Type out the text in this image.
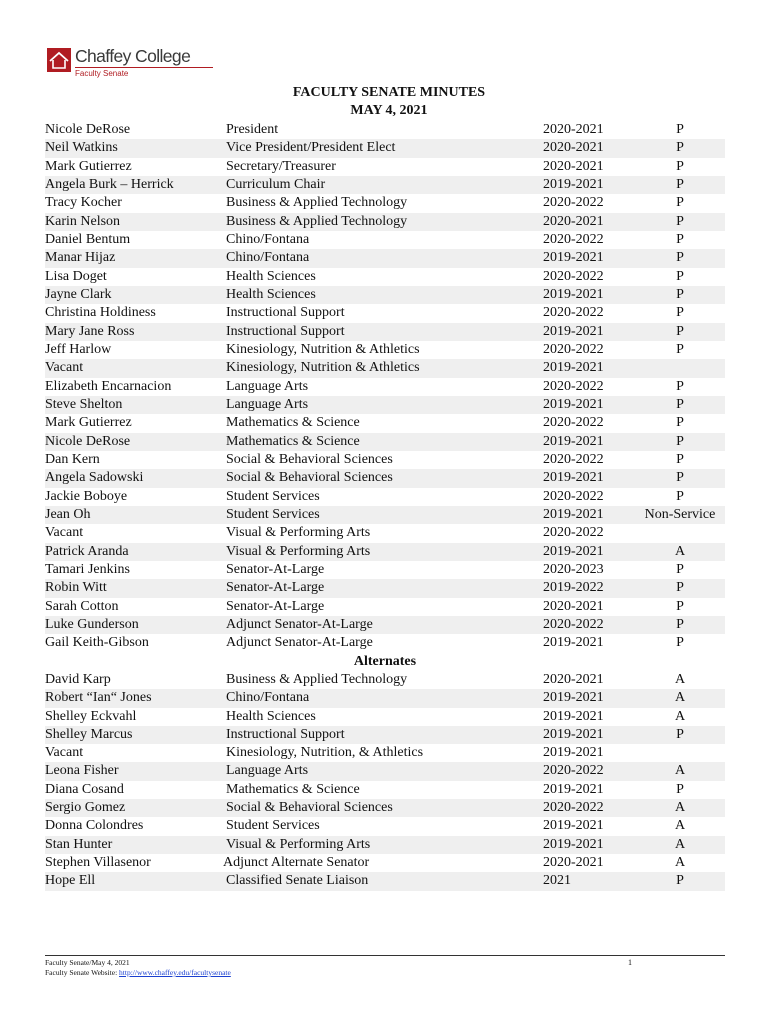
Chaffey College
Faculty Senate
FACULTY SENATE MINUTES
MAY 4, 2021
Nicole DeRose	President	2020-2021	P
Neil Watkins	Vice President/President Elect	2020-2021	P
Mark Gutierrez	Secretary/Treasurer	2020-2021	P
Angela Burk – Herrick	Curriculum Chair	2019-2021	P
Tracy Kocher	Business & Applied Technology	2020-2022	P
Karin Nelson	Business & Applied Technology	2020-2021	P
Daniel Bentum	Chino/Fontana	2020-2022	P
Manar Hijaz	Chino/Fontana	2019-2021	P
Lisa Doget	Health Sciences	2020-2022	P
Jayne Clark	Health Sciences	2019-2021	P
Christina Holdiness	Instructional Support	2020-2022	P
Mary Jane Ross	Instructional Support	2019-2021	P
Jeff Harlow	Kinesiology, Nutrition & Athletics	2020-2022	P
Vacant	Kinesiology, Nutrition & Athletics	2019-2021
Elizabeth Encarnacion	Language Arts	2020-2022	P
Steve Shelton	Language Arts	2019-2021	P
Mark Gutierrez	Mathematics & Science	2020-2022	P
Nicole DeRose	Mathematics & Science	2019-2021	P
Dan Kern	Social & Behavioral Sciences	2020-2022	P
Angela Sadowski	Social & Behavioral Sciences	2019-2021	P
Jackie Boboye	Student Services	2020-2022	P
Jean Oh	Student Services	2019-2021	Non-Service
Vacant	Visual & Performing Arts	2020-2022
Patrick Aranda	Visual & Performing Arts	2019-2021	A
Tamari Jenkins	Senator-At-Large	2020-2023	P
Robin Witt	Senator-At-Large	2019-2022	P
Sarah Cotton	Senator-At-Large	2020-2021	P
Luke Gunderson	Adjunct Senator-At-Large	2020-2022	P
Gail Keith-Gibson	Adjunct Senator-At-Large	2019-2021	P
Alternates
David Karp	Business & Applied Technology	2020-2021	A
Robert “Ian“ Jones	Chino/Fontana	2019-2021	A
Shelley Eckvahl	Health Sciences	2019-2021	A
Shelley Marcus	Instructional Support	2019-2021	P
Vacant	Kinesiology, Nutrition, & Athletics	2019-2021
Leona Fisher	Language Arts	2020-2022	A
Diana Cosand	Mathematics & Science	2019-2021	P
Sergio Gomez	Social & Behavioral Sciences	2020-2022	A
Donna Colondres	Student Services	2019-2021	A
Stan Hunter	Visual & Performing Arts	2019-2021	A
Stephen Villasenor	Adjunct Alternate Senator	2020-2021	A
Hope Ell	Classified Senate Liaison	2021	P
Faculty Senate/May 4, 2021
Faculty Senate Website: http://www.chaffey.edu/facultysenate
1
